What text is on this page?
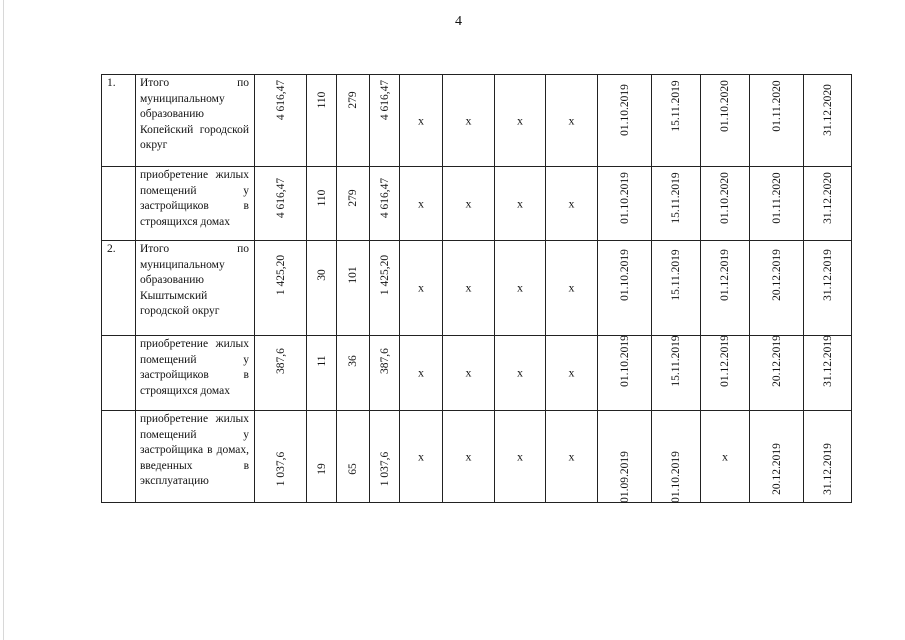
4
1.	Итого по муниципальному образованию Копейский городской округ	4 616,47	110	279	4 616,47	x	x	x	x	01.10.2019	15.11.2019	01.10.2020	01.11.2020	31.12.2020

	приобретение жилых помещений у застройщиков в строящихся домах	4 616,47	110	279	4 616,47	x	x	x	x	01.10.2019	15.11.2019	01.10.2020	01.11.2020	31.12.2020

2.	Итого по муниципальному образованию Кыштымский городской округ	1 425,20	30	101	1 425,20	x	x	x	x	01.10.2019	15.11.2019	01.12.2019	20.12.2019	31.12.2019

	приобретение жилых помещений у застройщиков в строящихся домах	387,6	11	36	387,6	x	x	x	x	01.10.2019	15.11.2019	01.12.2019	20.12.2019	31.12.2019

	приобретение жилых помещений у застройщика в домах, введенных в эксплуатацию	1 037,6	19	65	1 037,6	x	x	x	x	01.09.2019	01.10.2019	x	20.12.2019	31.12.2019
